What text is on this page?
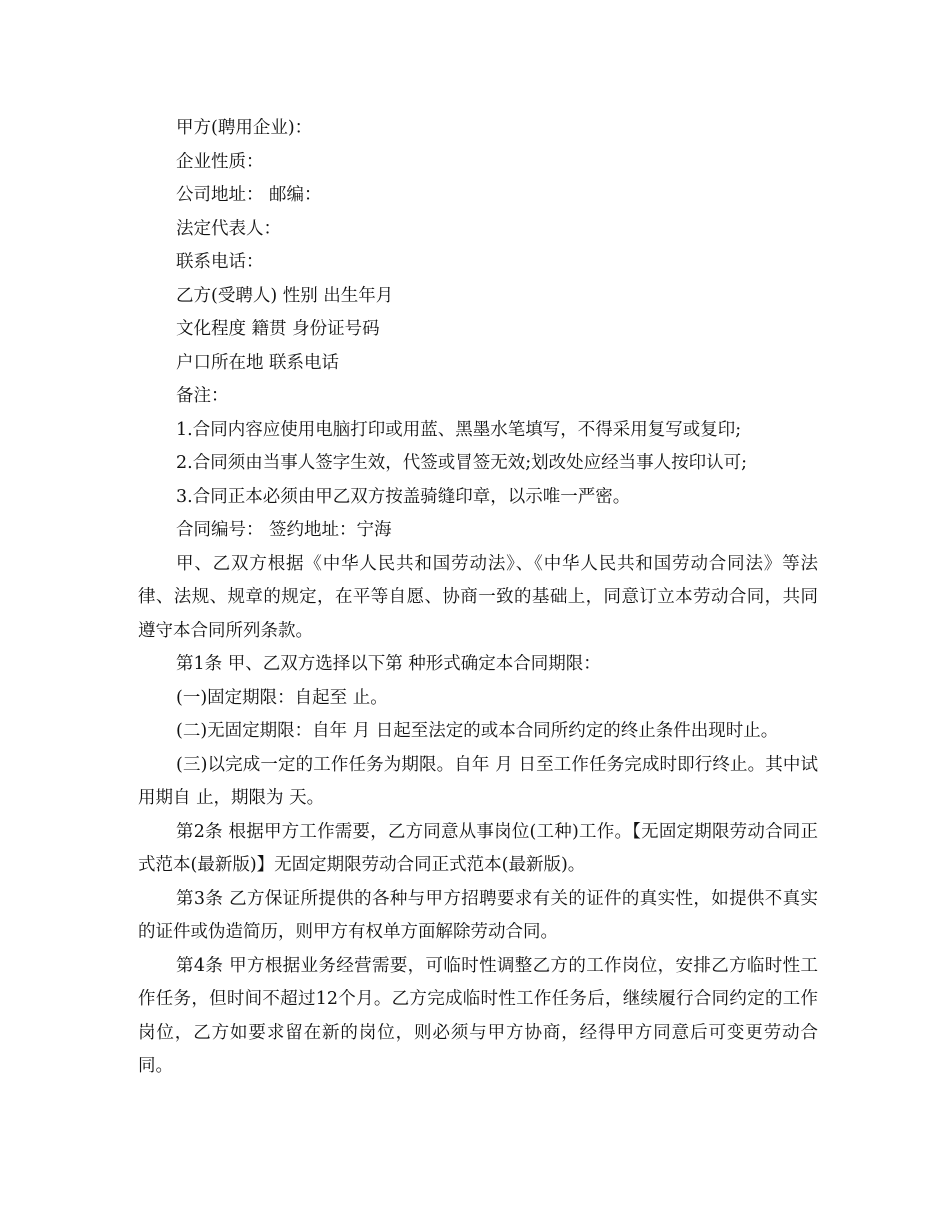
甲方(聘用企业)：
企业性质：
公司地址： 邮编：
法定代表人：
联系电话：
乙方(受聘人) 性别 出生年月
文化程度 籍贯 身份证号码
户口所在地 联系电话
备注：
1.合同内容应使用电脑打印或用蓝、黑墨水笔填写，不得采用复写或复印;
2.合同须由当事人签字生效，代签或冒签无效;划改处应经当事人按印认可;
3.合同正本必须由甲乙双方按盖骑缝印章，以示唯一严密。
合同编号： 签约地址：宁海

甲、乙双方根据《中华人民共和国劳动法》、《中华人民共和国劳动合同法》等法律、法规、规章的规定，在平等自愿、协商一致的基础上，同意订立本劳动合同，共同遵守本合同所列条款。

第1条 甲、乙双方选择以下第 种形式确定本合同期限：
(一)固定期限：自起至 止。
(二)无固定期限：自年 月 日起至法定的或本合同所约定的终止条件出现时止。

(三)以完成一定的工作任务为期限。自年 月 日至工作任务完成时即行终止。其中试用期自 止，期限为 天。

第2条 根据甲方工作需要，乙方同意从事岗位(工种)工作。【无固定期限劳动合同正式范本(最新版)】无固定期限劳动合同正式范本(最新版)。

第3条 乙方保证所提供的各种与甲方招聘要求有关的证件的真实性，如提供不真实的证件或伪造简历，则甲方有权单方面解除劳动合同。

第4条 甲方根据业务经营需要，可临时性调整乙方的工作岗位，安排乙方临时性工作任务，但时间不超过12个月。乙方完成临时性工作任务后，继续履行合同约定的工作岗位，乙方如要求留在新的岗位，则必须与甲方协商，经得甲方同意后可变更劳动合同。
